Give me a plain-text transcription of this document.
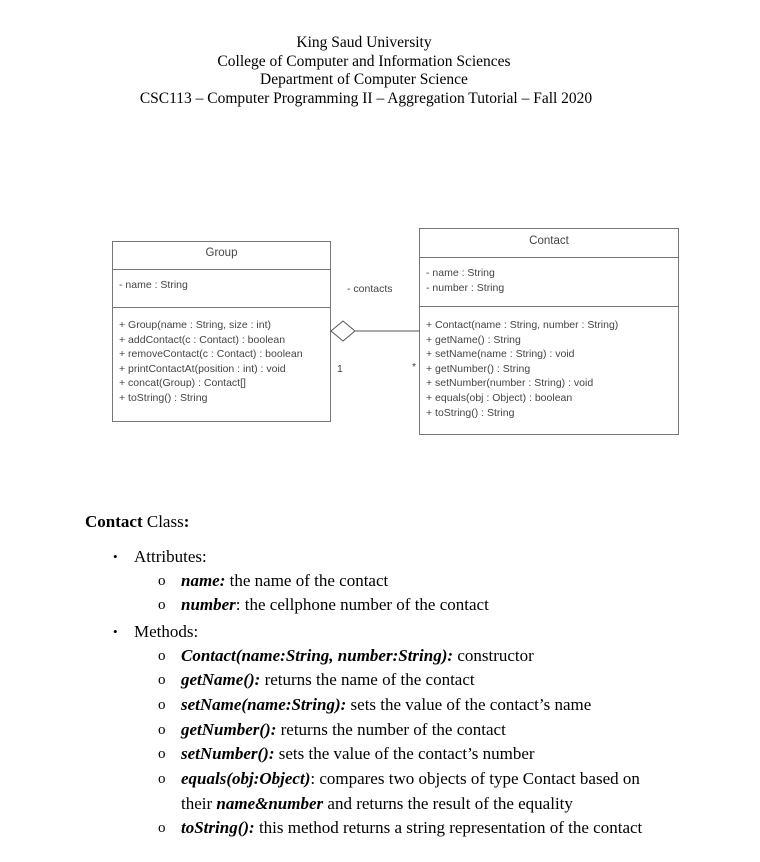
King Saud University
College of Computer and Information Sciences
Department of Computer Science
CSC113 – Computer Programming II – Aggregation Tutorial – Fall 2020
Group
- name : String
+ Group(name : String, size : int)
+ addContact(c : Contact) : boolean
+ removeContact(c : Contact) : boolean
+ printContactAt(position : int) : void
+ concat(Group) : Contact[]
+ toString() : String
Contact
- name : String
- number : String
+ Contact(name : String, number : String)
+ getName() : String
+ setName(name : String) : void
+ getNumber() : String
+ setNumber(number : String) : void
+ equals(obj : Object) : boolean
+ toString() : String
- contacts
1	*
Contact Class:
• Attributes:
o name: the name of the contact
o number: the cellphone number of the contact
• Methods:
o Contact(name:String, number:String): constructor
o getName(): returns the name of the contact
o setName(name:String): sets the value of the contact’s name
o getNumber(): returns the number of the contact
o setNumber(): sets the value of the contact’s number
o equals(obj:Object): compares two objects of type Contact based on
their name&number and returns the result of the equality
o toString(): this method returns a string representation of the contact
